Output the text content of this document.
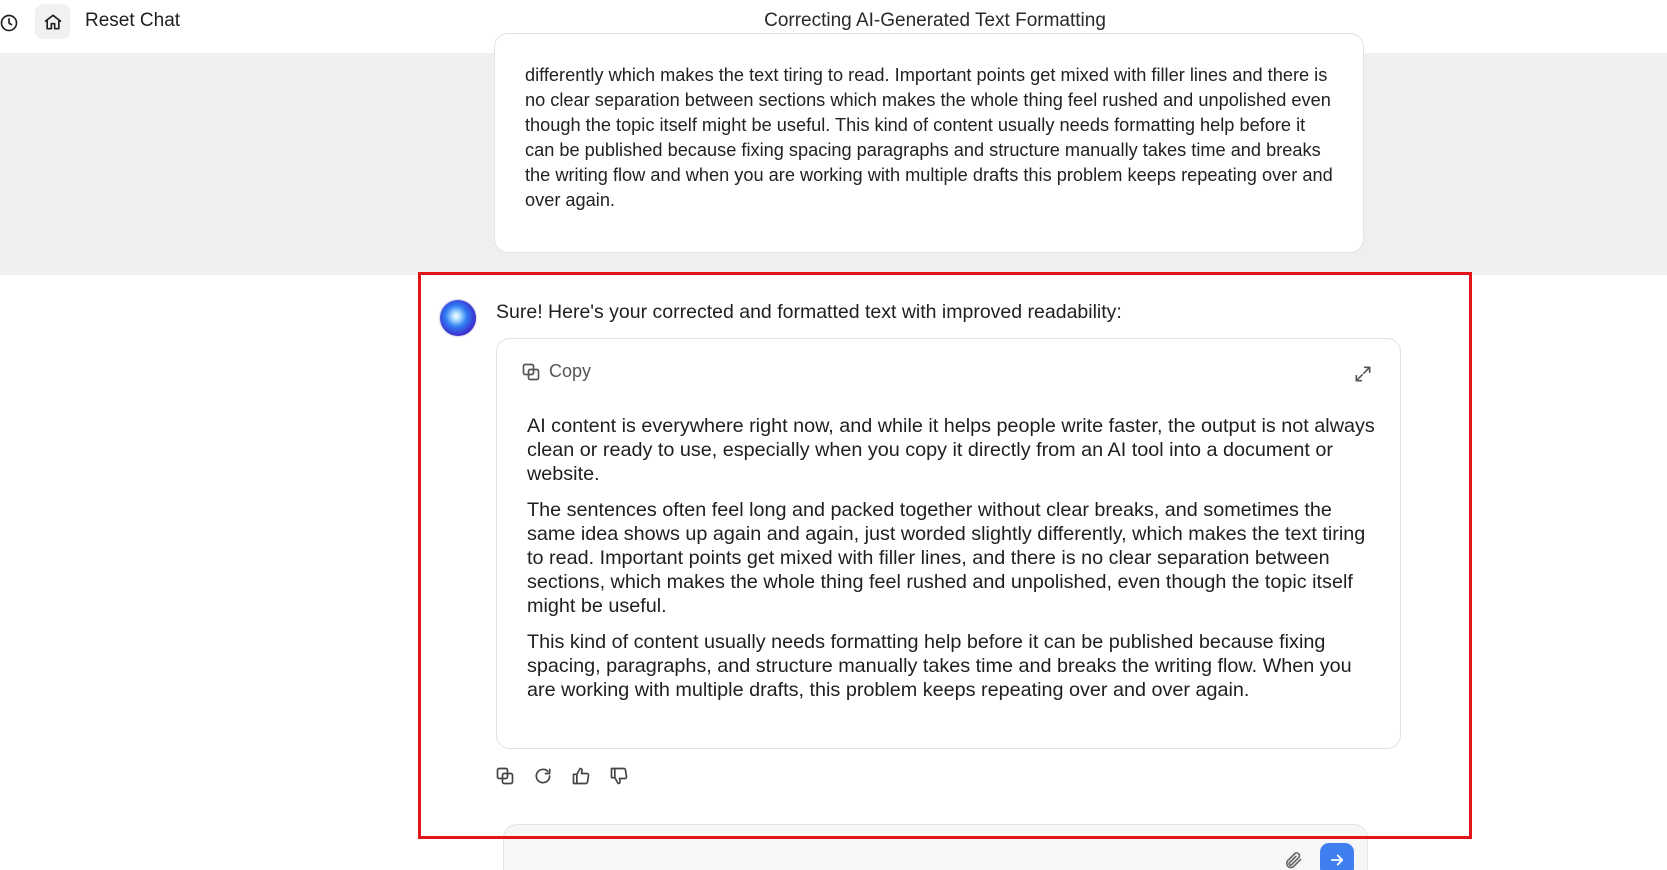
Reset Chat	Correcting AI-Generated Text Formatting

differently which makes the text tiring to read. Important points get mixed with filler lines and there is no clear separation between sections which makes the whole thing feel rushed and unpolished even though the topic itself might be useful. This kind of content usually needs formatting help before it can be published because fixing spacing paragraphs and structure manually takes time and breaks the writing flow and when you are working with multiple drafts this problem keeps repeating over and over again.

Sure! Here's your corrected and formatted text with improved readability:
Copy

AI content is everywhere right now, and while it helps people write faster, the output is not always clean or ready to use, especially when you copy it directly from an AI tool into a document or website.

The sentences often feel long and packed together without clear breaks, and sometimes the same idea shows up again and again, just worded slightly differently, which makes the text tiring to read. Important points get mixed with filler lines, and there is no clear separation between sections, which makes the whole thing feel rushed and unpolished, even though the topic itself might be useful.

This kind of content usually needs formatting help before it can be published because fixing spacing, paragraphs, and structure manually takes time and breaks the writing flow. When you are working with multiple drafts, this problem keeps repeating over and over again.
